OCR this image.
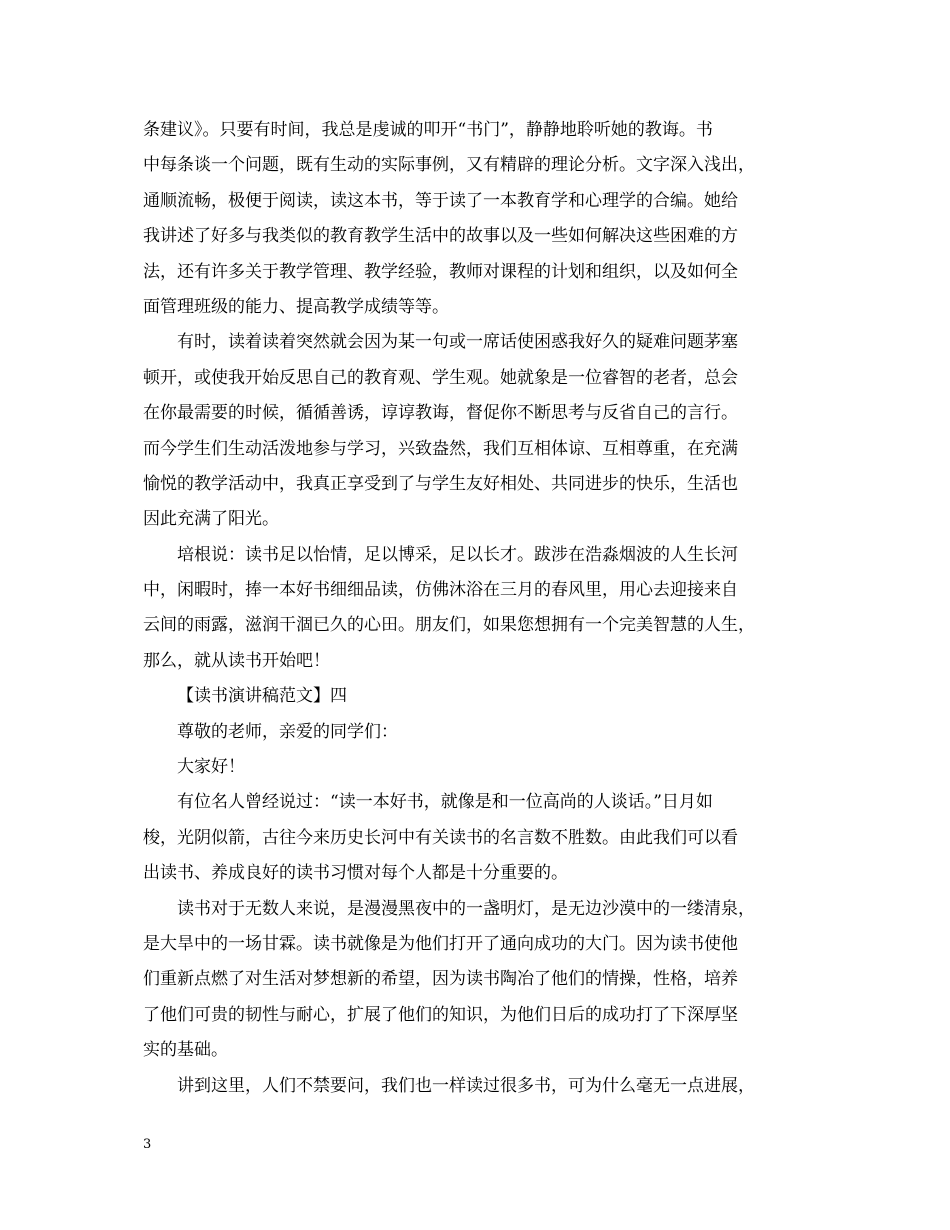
条建议》。只要有时间，我总是虔诚的叩开“书门”，静静地聆听她的教诲。书
中每条谈一个问题，既有生动的实际事例，又有精辟的理论分析。文字深入浅出，
通顺流畅，极便于阅读，读这本书，等于读了一本教育学和心理学的合编。她给
我讲述了好多与我类似的教育教学生活中的故事以及一些如何解决这些困难的方
法，还有许多关于教学管理、教学经验，教师对课程的计划和组织，以及如何全
面管理班级的能力、提高教学成绩等等。
有时，读着读着突然就会因为某一句或一席话使困惑我好久的疑难问题茅塞
顿开，或使我开始反思自己的教育观、学生观。她就象是一位睿智的老者，总会
在你最需要的时候，循循善诱，谆谆教诲，督促你不断思考与反省自己的言行。
而今学生们生动活泼地参与学习，兴致盎然，我们互相体谅、互相尊重，在充满
愉悦的教学活动中，我真正享受到了与学生友好相处、共同进步的快乐，生活也
因此充满了阳光。
培根说：读书足以怡情，足以博采，足以长才。跋涉在浩淼烟波的人生长河
中，闲暇时，捧一本好书细细品读，仿佛沐浴在三月的春风里，用心去迎接来自
云间的雨露，滋润干涸已久的心田。朋友们，如果您想拥有一个完美智慧的人生，
那么，就从读书开始吧！
【读书演讲稿范文】四
尊敬的老师，亲爱的同学们：
大家好！
有位名人曾经说过：“读一本好书，就像是和一位高尚的人谈话。”日月如
梭，光阴似箭，古往今来历史长河中有关读书的名言数不胜数。由此我们可以看
出读书、养成良好的读书习惯对每个人都是十分重要的。
读书对于无数人来说，是漫漫黑夜中的一盏明灯，是无边沙漠中的一缕清泉，
是大旱中的一场甘霖。读书就像是为他们打开了通向成功的大门。因为读书使他
们重新点燃了对生活对梦想新的希望，因为读书陶冶了他们的情操，性格，培养
了他们可贵的韧性与耐心，扩展了他们的知识，为他们日后的成功打了下深厚坚
实的基础。
讲到这里，人们不禁要问，我们也一样读过很多书，可为什么毫无一点进展，
3
